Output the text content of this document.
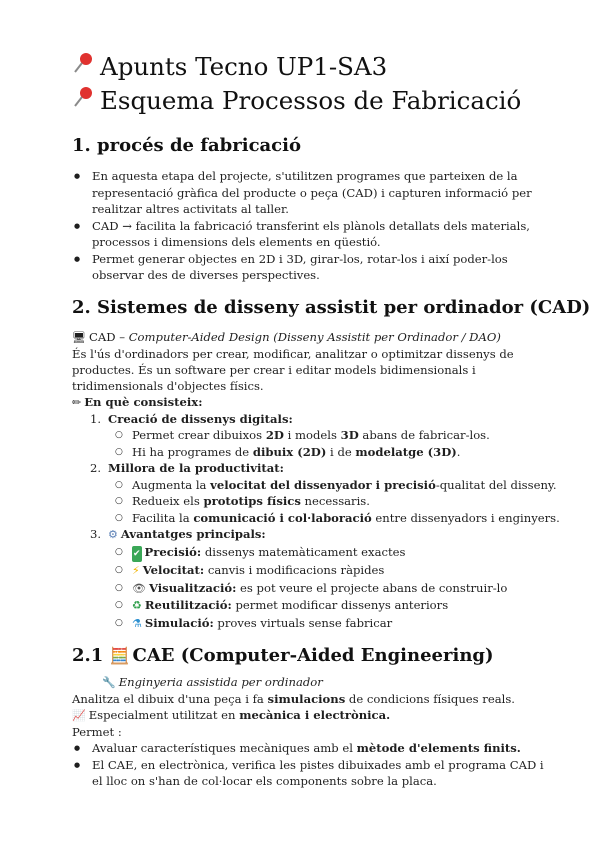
Apunts Tecno UP1-SA3
Esquema Processos de Fabricació
1. procés de fabricació
● En aquesta etapa del projecte, s'utilitzen programes que parteixen de la representació gràfica del producte o peça (CAD) i capturen informació per realitzar altres activitats al taller.
● CAD → facilita la fabricació transferint els plànols detallats dels materials, processos i dimensions dels elements en qüestió.
● Permet generar objectes en 2D i 3D, girar-los, rotar-los i així poder-los observar des de diverses perspectives.
2. Sistemes de disseny assistit per ordinador (CAD)
🖥 CAD – Computer-Aided Design (Disseny Assistit per Ordinador / DAO)
És l'ús d'ordinadors per crear, modificar, analitzar o optimitzar dissenys de productes. És un software per crear i editar models bidimensionals i tridimensionals d'objectes físics.
✏ En què consisteix:
1. Creació de dissenys digitals:
○ Permet crear dibuixos 2D i models 3D abans de fabricar-los.
○ Hi ha programes de dibuix (2D) i de modelatge (3D).
2. Millora de la productivitat:
○ Augmenta la velocitat del dissenyador i precisió-qualitat del disseny.
○ Redueix els prototips físics necessaris.
○ Facilita la comunicació i col·laboració entre dissenyadors i enginyers.
3. ⚙ Avantatges principals:
○ ✔ Precisió: dissenys matemàticament exactes
○ ⚡ Velocitat: canvis i modificacions ràpides
○ 👁 Visualització: es pot veure el projecte abans de construir-lo
○ ♻ Reutilització: permet modificar dissenys anteriors
○ ⚗ Simulació: proves virtuals sense fabricar
2.1 🧮 CAE (Computer-Aided Engineering)
🔧 Enginyeria assistida per ordinador
Analitza el dibuix d'una peça i fa simulacions de condicions físiques reals.
📈 Especialment utilitzat en mecànica i electrònica.
Permet :
● Avaluar característiques mecàniques amb el mètode d'elements finits.
● El CAE, en electrònica, verifica les pistes dibuixades amb el programa CAD i el lloc on s'han de col·locar els components sobre la placa.
